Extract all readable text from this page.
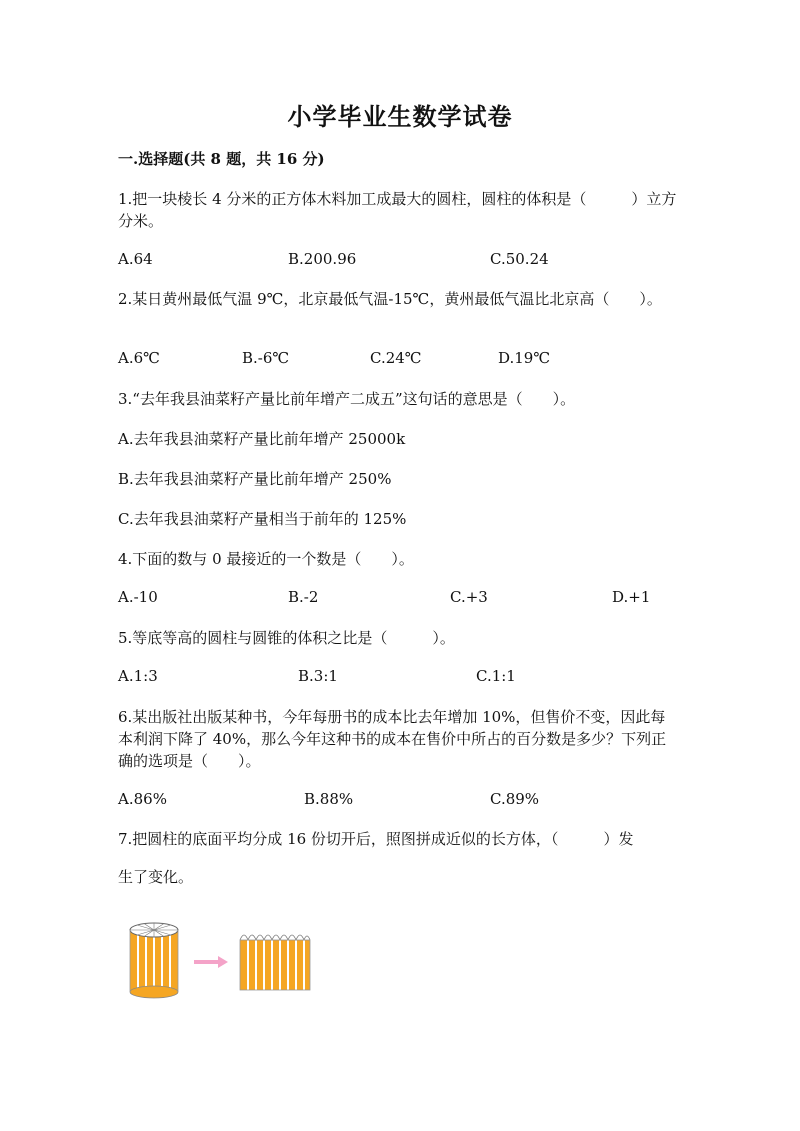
小学毕业生数学试卷
一.选择题(共 8 题，共 16 分)
1.把一块棱长 4 分米的正方体木料加工成最大的圆柱，圆柱的体积是（　　　）立方分米。
A.64	B.200.96	C.50.24
2.某日黄州最低气温 9℃，北京最低气温-15℃，黄州最低气温比北京高（　　）。
A.6℃	B.-6℃	C.24℃	D.19℃
3.“去年我县油菜籽产量比前年增产二成五”这句话的意思是（　　）。
A.去年我县油菜籽产量比前年增产 25000k
B.去年我县油菜籽产量比前年增产 250%
C.去年我县油菜籽产量相当于前年的 125%
4.下面的数与 0 最接近的一个数是（　　）。
A.-10	B.-2	C.+3	D.+1
5.等底等高的圆柱与圆锥的体积之比是（　　　）。
A.1:3	B.3:1	C.1:1
6.某出版社出版某种书，今年每册书的成本比去年增加 10%，但售价不变，因此每本利润下降了 40%，那么今年这种书的成本在售价中所占的百分数是多少？下列正确的选项是（　　）。
A.86%	B.88%	C.89%
7.把圆柱的底面平均分成 16 份切开后，照图拼成近似的长方体，（　　　）发
生了变化。
